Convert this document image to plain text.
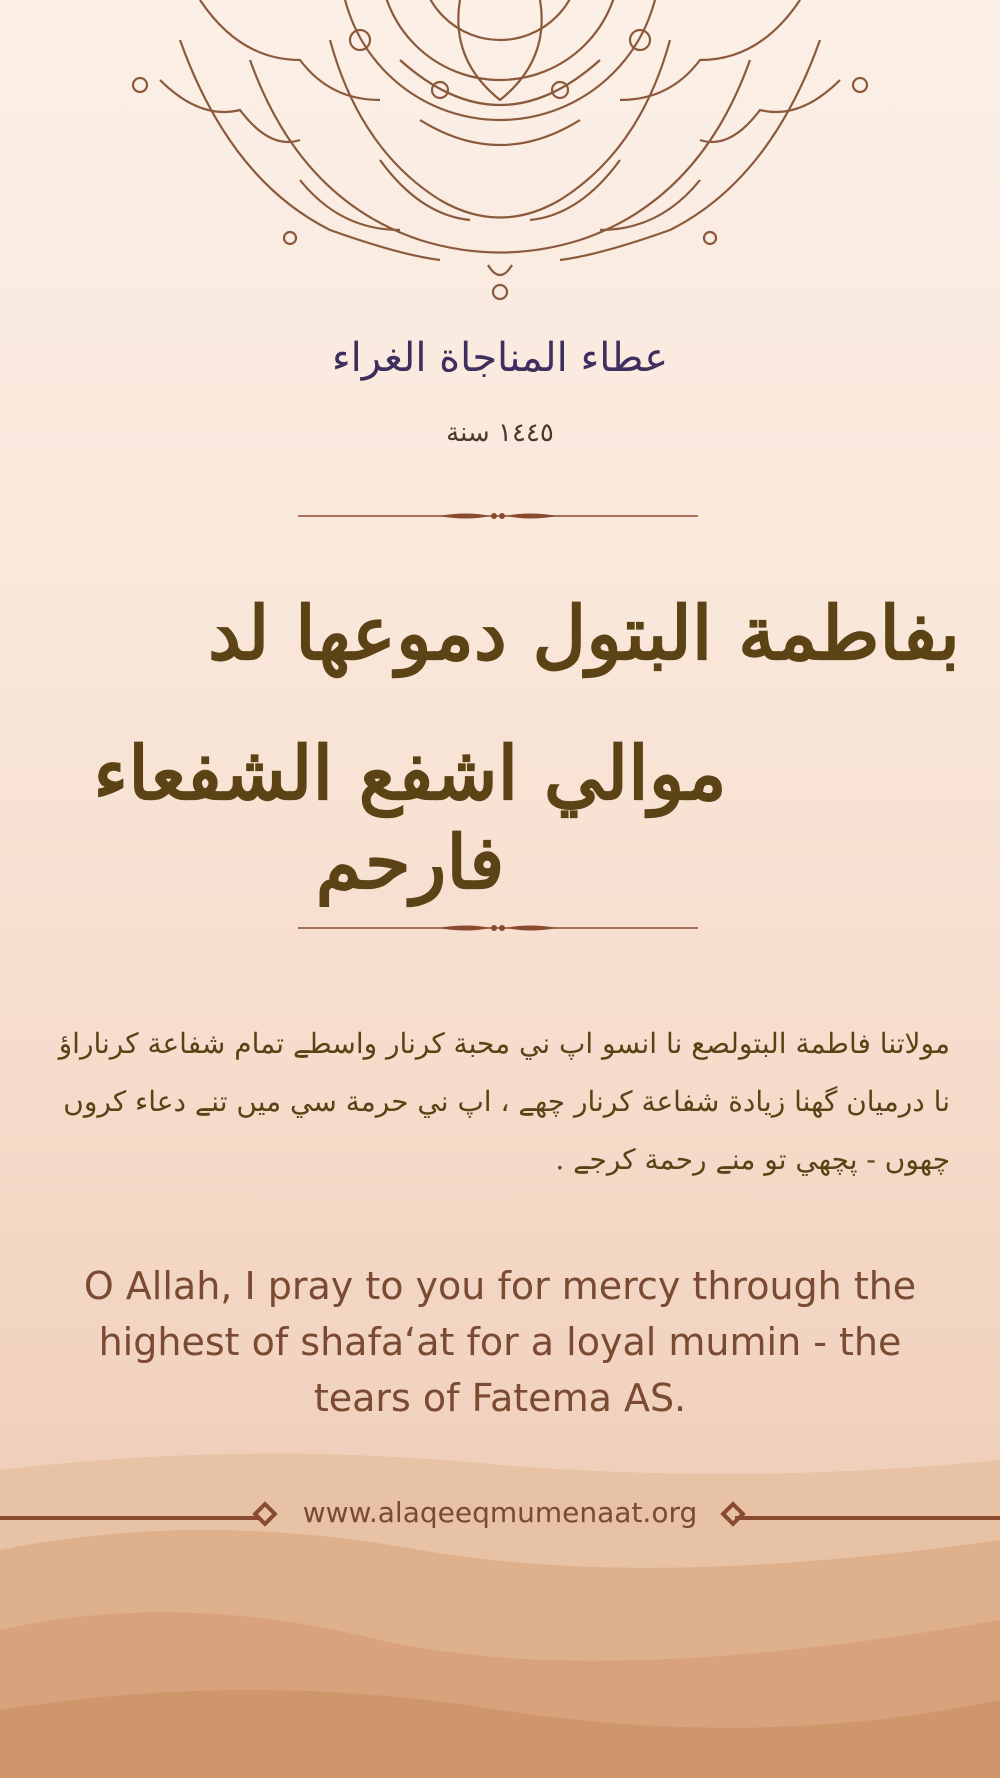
عطاء المناجاة الغراء
١٤٤٥ سنة
بفاطمة البتول دموعها لد
موالي اشفع الشفعاء فارحم
مولاتنا فاطمة البتولصع نا انسو اپ ني محبة كرنار واسطے تمام شفاعة كرناراؤ نا درميان گھنا زيادة شفاعة كرنار چھے ، اپ ني حرمة سي ميں تنے دعاء كروں چھوں - پچھي تو منے رحمة كرجے .
O Allah, I pray to you for mercy through the highest of shafa‘at for a loyal mumin - the tears of Fatema AS.
www.alaqeeqmumenaat.org
